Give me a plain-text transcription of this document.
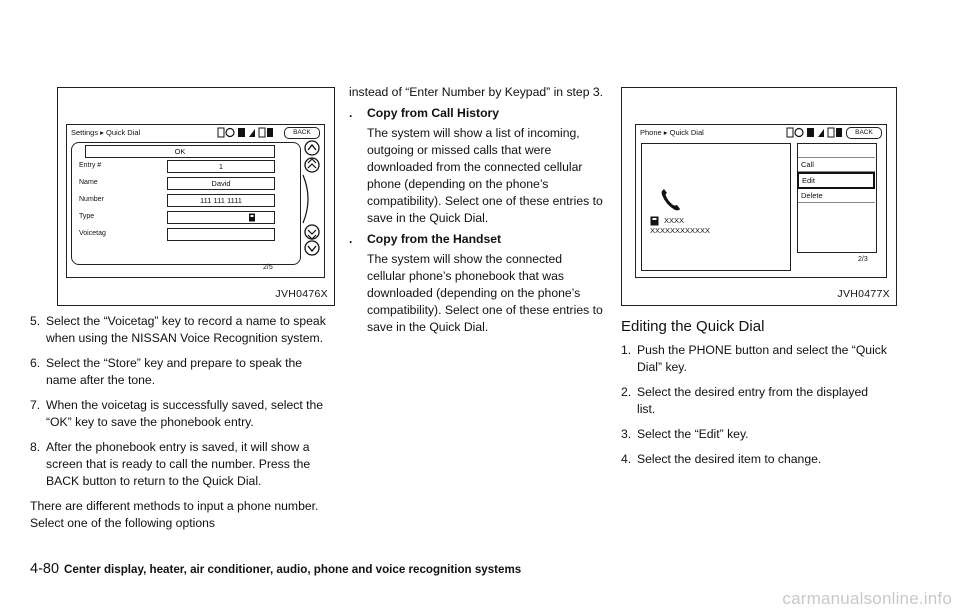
Settings ▸ Quick Dial	BACK
OK
Entry #	1
Name	David
Number	111 111 1111
Type
Voicetag
2/5
JVH0476X
5. Select the “Voicetag” key to record a name to speak when using the NISSAN Voice Recognition system.
6. Select the “Store” key and prepare to speak the name after the tone.
7. When the voicetag is successfully saved, select the “OK” key to save the phonebook entry.
8. After the phonebook entry is saved, it will show a screen that is ready to call the number. Press the BACK button to return to the Quick Dial.

There are different methods to input a phone number. Select one of the following options

instead of “Enter Number by Keypad” in step 3.

. Copy from Call History
The system will show a list of incoming, outgoing or missed calls that were downloaded from the connected cellular phone (depending on the phone’s compatibility). Select one of these entries to save in the Quick Dial.
. Copy from the Handset
The system will show the connected cellular phone’s phonebook that was downloaded (depending on the phone’s compatibility). Select one of these entries to save in the Quick Dial.
Phone ▸ Quick Dial	BACK
XXXX
XXXXXXXXXXXX
Call
Edit
Delete
2/3
JVH0477X
Editing the Quick Dial
1. Push the PHONE button and select the “Quick Dial” key.
2. Select the desired entry from the displayed list.
3. Select the “Edit” key.
4. Select the desired item to change.
4-80 Center display, heater, air conditioner, audio, phone and voice recognition systems
carmanualsonline.info
